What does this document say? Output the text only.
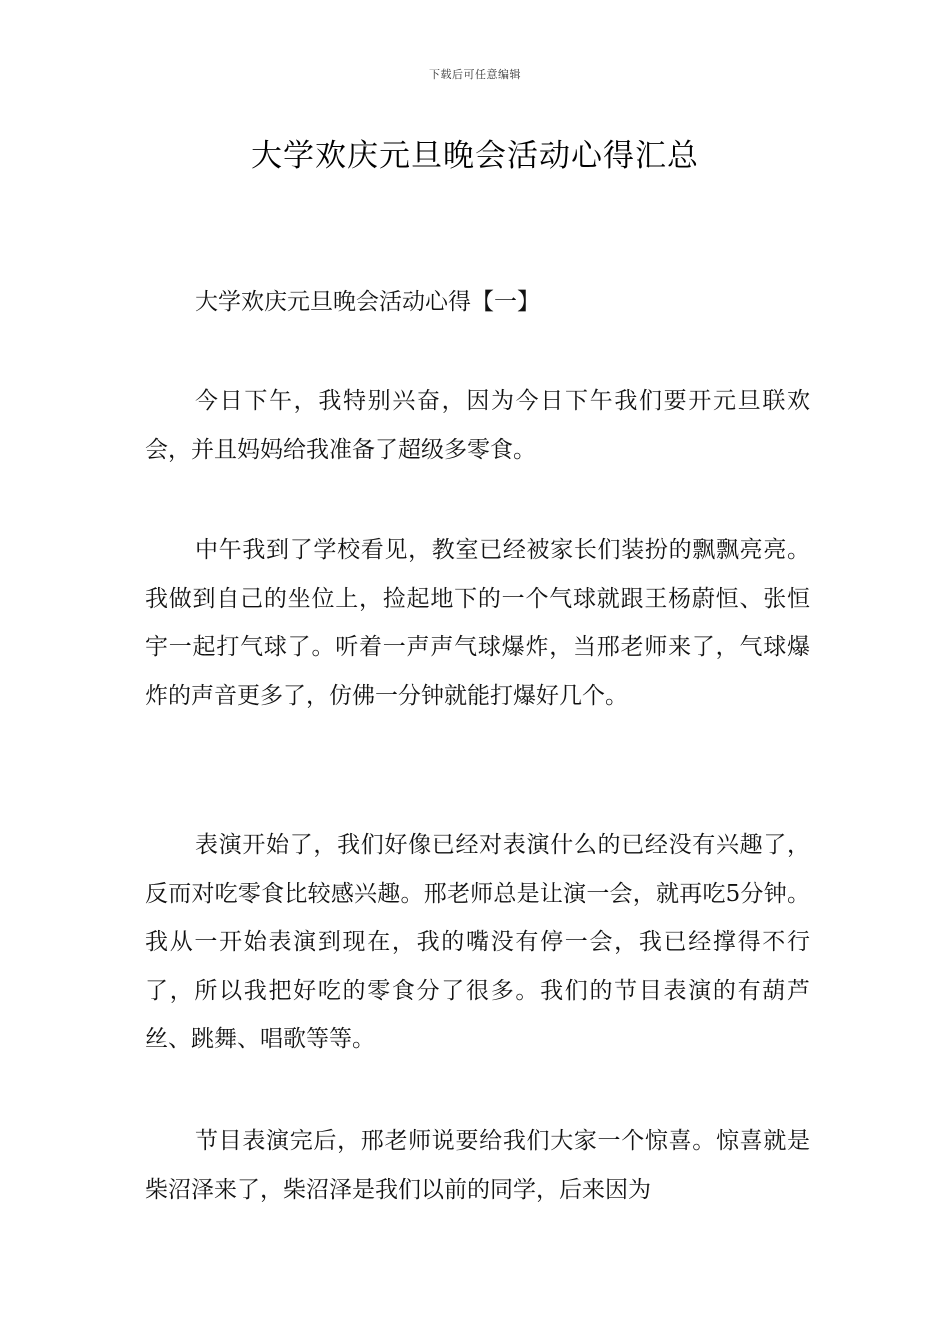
下载后可任意编辑
大学欢庆元旦晚会活动心得汇总
大学欢庆元旦晚会活动心得【一】

今日下午，我特别兴奋，因为今日下午我们要开元旦联欢会，并且妈妈给我准备了超级多零食。

中午我到了学校看见，教室已经被家长们装扮的飘飘亮亮。我做到自己的坐位上，捡起地下的一个气球就跟王杨蔚恒、张恒宇一起打气球了。听着一声声气球爆炸，当邢老师来了，气球爆炸的声音更多了，仿佛一分钟就能打爆好几个。

表演开始了，我们好像已经对表演什么的已经没有兴趣了，反而对吃零食比较感兴趣。邢老师总是让演一会，就再吃5分钟。我从一开始表演到现在，我的嘴没有停一会，我已经撑得不行了，所以我把好吃的零食分了很多。我们的节目表演的有葫芦丝、跳舞、唱歌等等。

节目表演完后，邢老师说要给我们大家一个惊喜。惊喜就是柴沼泽来了，柴沼泽是我们以前的同学，后来因为
